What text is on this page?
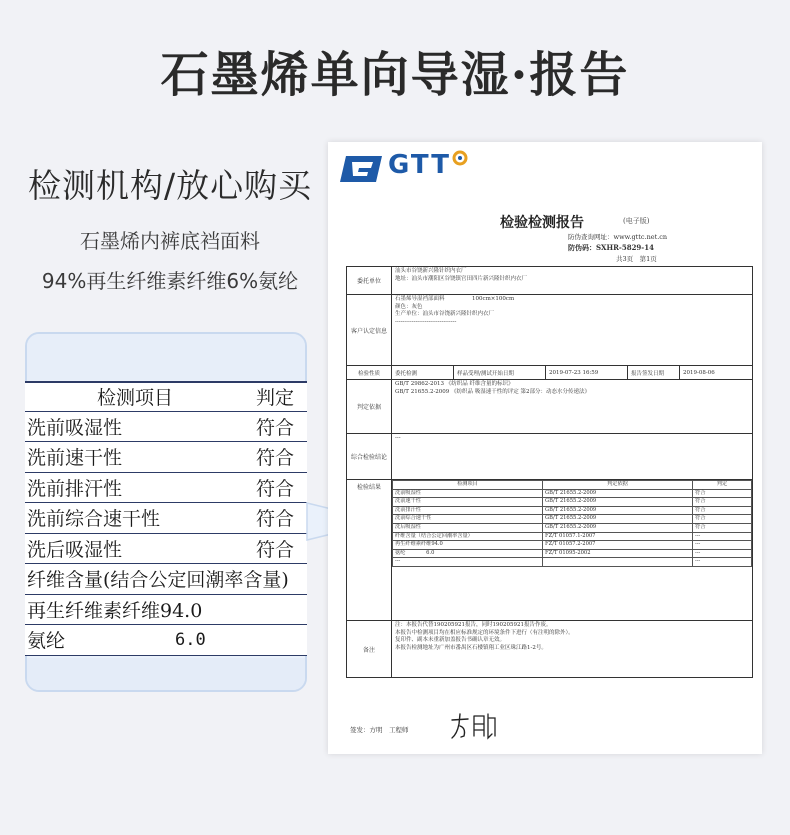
石墨烯单向导湿·报告
检测机构/放心购买
石墨烯内裤底裆面料
94%再生纤维素纤维6%氨纶
检测项目	判定
洗前吸湿性	符合
洗前速干性	符合
洗前排汗性	符合
洗前综合速干性	符合
洗后吸湿性	符合
纤维含量(结合公定回潮率含量)
再生纤维素纤维94.0
氨纶	6.0
GTT
检验检测报告	(电子版)
防伪查询网址：www.gttc.net.cn
防伪码：SXHR-5829-14
共3页　第1页
委托单位
汕头市谷饶新兴隆针织内衣厂
地址：汕头市潮阳区谷饶镇官田四片新兴隆针织内衣厂
客户认定信息
石墨烯导湿裆部面料　　　　　100cm×100cm
颜色：灰色
生产单位：汕头市谷饶新兴隆针织内衣厂
---------------------------------
检验性质	委托检测	样品受理/测试开始日期	2019-07-23 16:59	报告签发日期	2019-08-06
判定依据
GB/T 29862-2013 《纺织品 纤维含量的标识》
GB/T 21655.2-2009 《纺织品 吸湿速干性的评定 第2部分：动态水分传递法》
综合检验结论
---
检验结果	检测项目	判定依据	判定
洗前吸湿性	GB/T 21655.2-2009	符合
洗前速干性	GB/T 21655.2-2009	符合
洗前排汗性	GB/T 21655.2-2009	符合
洗前综合速干性	GB/T 21655.2-2009	符合
洗后吸湿性	GB/T 21655.2-2009	符合
纤维含量（结合公定回潮率含量）	FZ/T 01057.1-2007	---
再生纤维素纤维94.0	FZ/T 01057.2-2007	---
氨纶　　　　6.0	FZ/T 01095-2002	---
---		---
备注
注：本报告代替190205921报告，同时190205921报告作废。
本报告中检测项目均在相应标准规定的环境条件下进行（有注明的除外）。
复印件、副本未重新加盖报告书确认章无效。
本报告检测地址为广州市番禺区石楼镇翔工业区珠江路1-2号。
签发：方明　工程师
